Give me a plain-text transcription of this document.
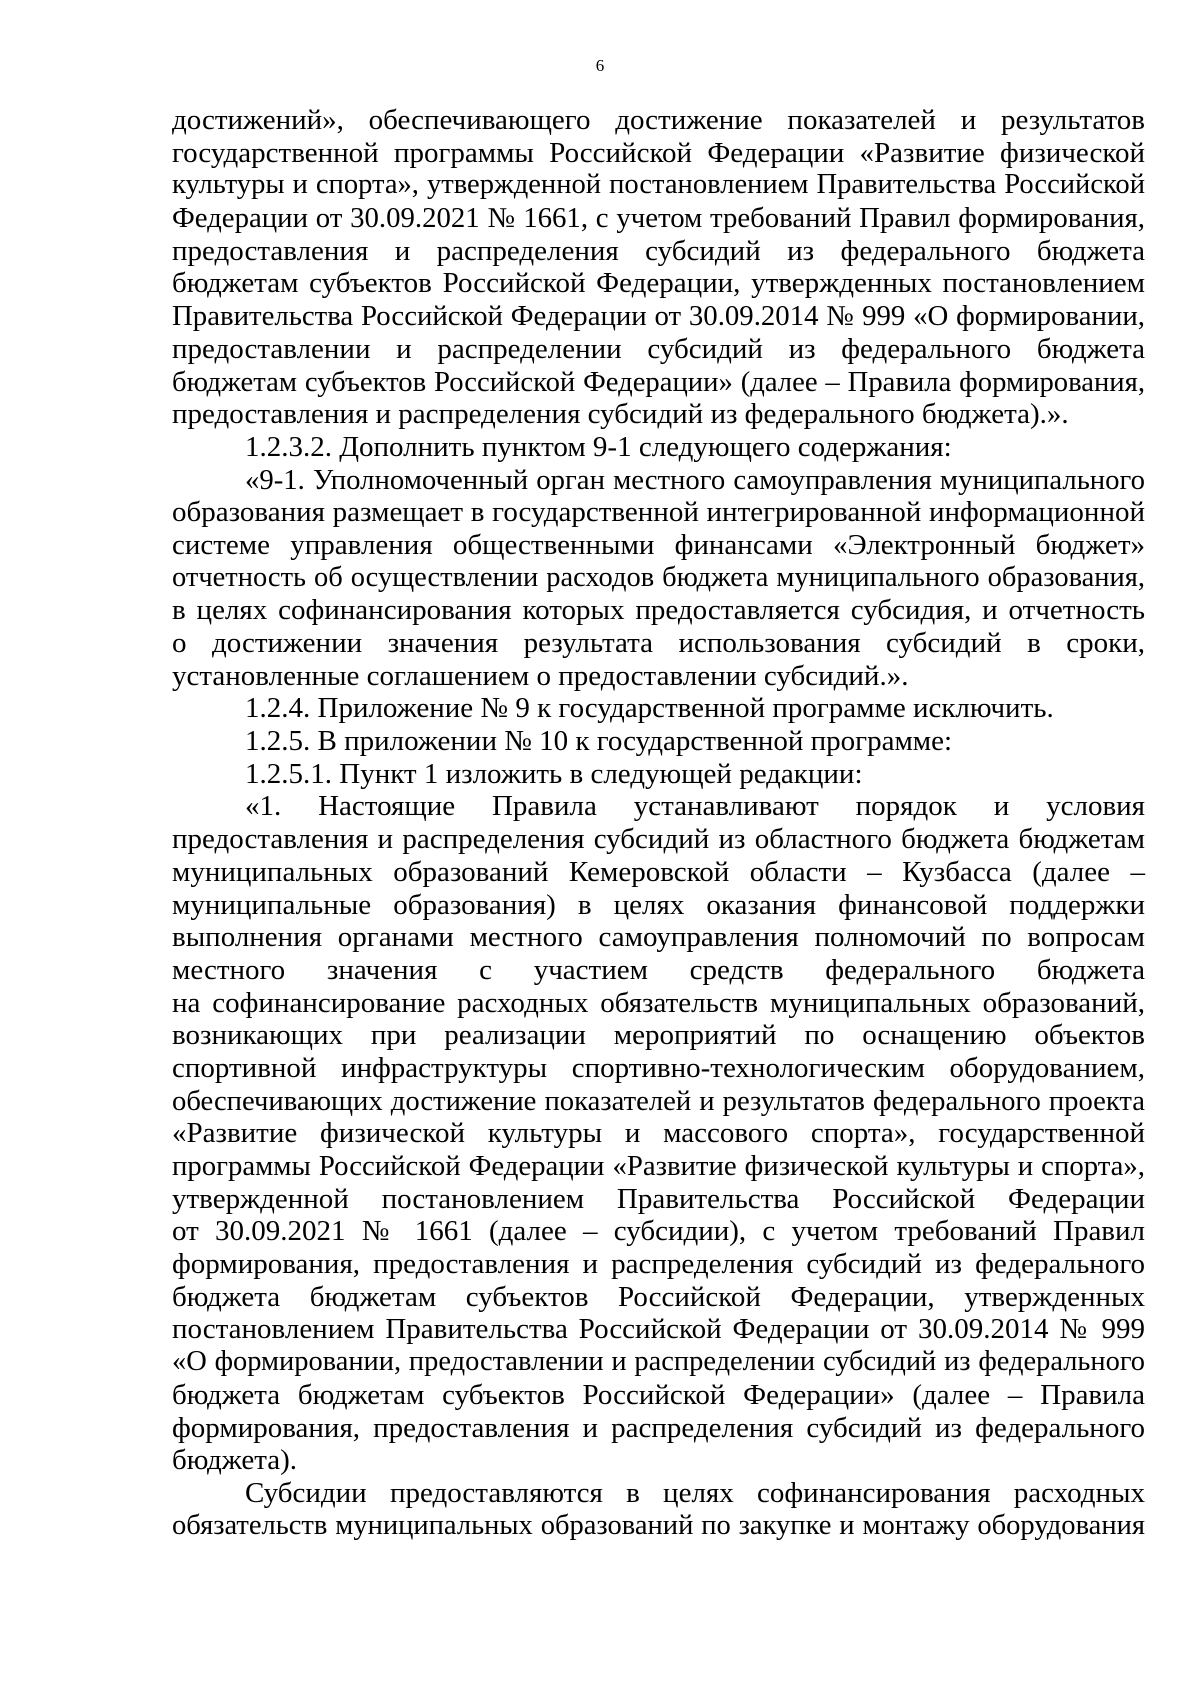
6

достижений», обеспечивающего достижение показателей и результатов

государственной программы Российской Федерации «Развитие физической

культуры и спорта», утвержденной постановлением Правительства Российской

Федерации от 30.09.2021 № 1661, с учетом требований Правил формирования,

предоставления и распределения субсидий из федерального бюджета

бюджетам субъектов Российской Федерации, утвержденных постановлением

Правительства Российской Федерации от 30.09.2014 № 999 «О формировании,

предоставлении и распределении субсидий из федерального бюджета

бюджетам субъектов Российской Федерации» (далее – Правила формирования,

предоставления и распределения субсидий из федерального бюджета).».

1.2.3.2. Дополнить пунктом 9-1 следующего содержания:

«9-1. Уполномоченный орган местного самоуправления муниципального

образования размещает в государственной интегрированной информационной

системе управления общественными финансами «Электронный бюджет»

отчетность об осуществлении расходов бюджета муниципального образования,

в целях софинансирования которых предоставляется субсидия, и отчетность

о достижении значения результата использования субсидий в сроки,

установленные соглашением о предоставлении субсидий.».

1.2.4. Приложение № 9 к государственной программе исключить.

1.2.5. В приложении № 10 к государственной программе:

1.2.5.1. Пункт 1 изложить в следующей редакции:

«1. Настоящие Правила устанавливают порядок и условия

предоставления и распределения субсидий из областного бюджета бюджетам

муниципальных образований Кемеровской области – Кузбасса (далее –

муниципальные образования) в целях оказания финансовой поддержки

выполнения органами местного самоуправления полномочий по вопросам

местного значения с участием средств федерального бюджета

на софинансирование расходных обязательств муниципальных образований,

возникающих при реализации мероприятий по оснащению объектов

спортивной инфраструктуры спортивно-технологическим оборудованием,

обеспечивающих достижение показателей и результатов федерального проекта

«Развитие физической культуры и массового спорта», государственной

программы Российской Федерации «Развитие физической культуры и спорта»,

утвержденной постановлением Правительства Российской Федерации

от 30.09.2021 № 1661 (далее – субсидии), с учетом требований Правил

формирования, предоставления и распределения субсидий из федерального

бюджета бюджетам субъектов Российской Федерации, утвержденных

постановлением Правительства Российской Федерации от 30.09.2014 № 999

«О формировании, предоставлении и распределении субсидий из федерального

бюджета бюджетам субъектов Российской Федерации» (далее – Правила

формирования, предоставления и распределения субсидий из федерального

бюджета).

Субсидии предоставляются в целях софинансирования расходных

обязательств муниципальных образований по закупке и монтажу оборудования
